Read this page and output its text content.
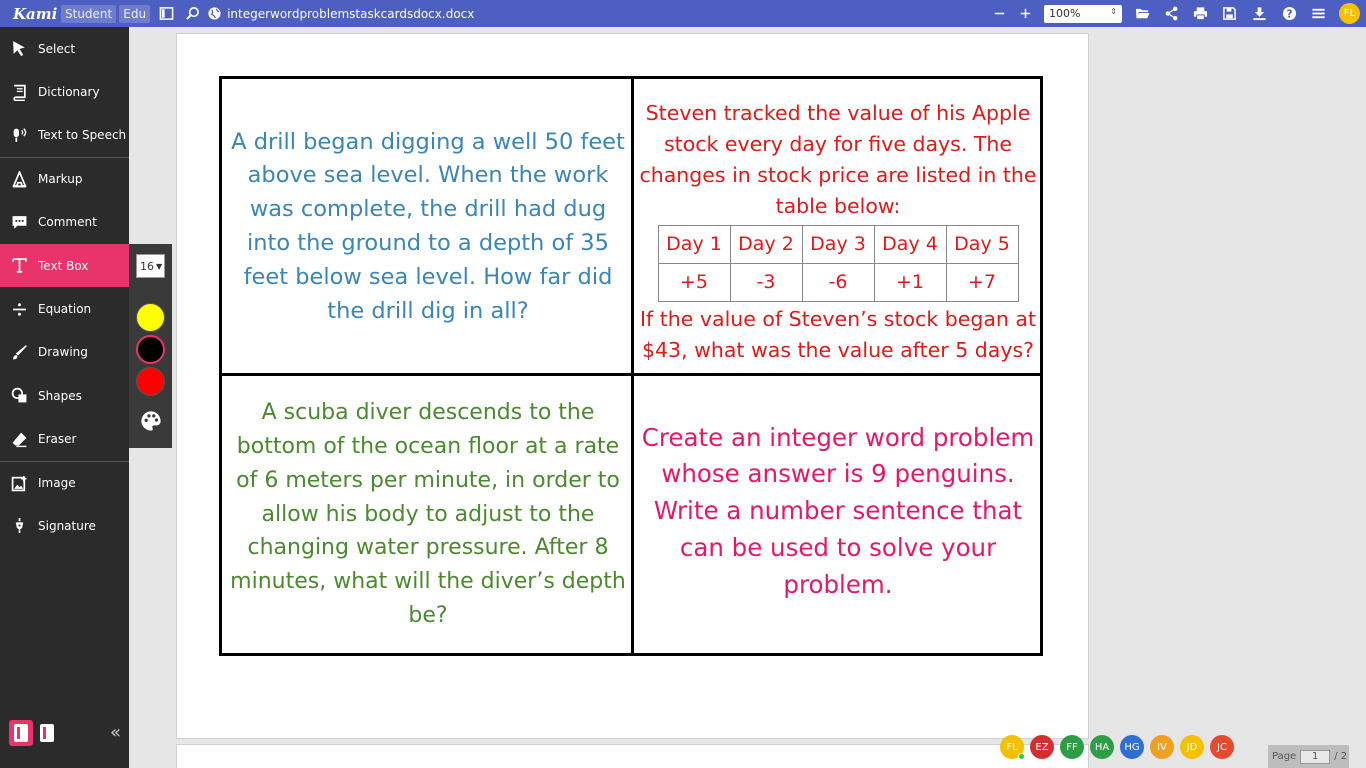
Kami Student Edu	integerwordproblemstaskcardsdocx.docx	100%	⇕	?	FL
Select
Dictionary
Text to Speech
Markup
Comment
Text Box
Equation
Drawing
Shapes
Eraser
Image
Signature
«
16 ▼
A drill began digging a well 50 feet above sea level. When the work was complete, the drill had dug into the ground to a depth of 35 feet below sea level. How far did the drill dig in all?
Steven tracked the value of his Apple stock every day for five days. The changes in stock price are listed in the table below:
Day 1	Day 2	Day 3	Day 4	Day 5
+5	-3	-6	+1	+7
If the value of Steven’s stock began at $43, what was the value after 5 days?
A scuba diver descends to the bottom of the ocean floor at a rate of 6 meters per minute, in order to allow his body to adjust to the changing water pressure. After 8 minutes, what will the diver’s depth be?
Create an integer word problem whose answer is 9 penguins. Write a number sentence that can be used to solve your problem.
FL EZ FF HA HG IV JD JC
Page	1	/ 2
